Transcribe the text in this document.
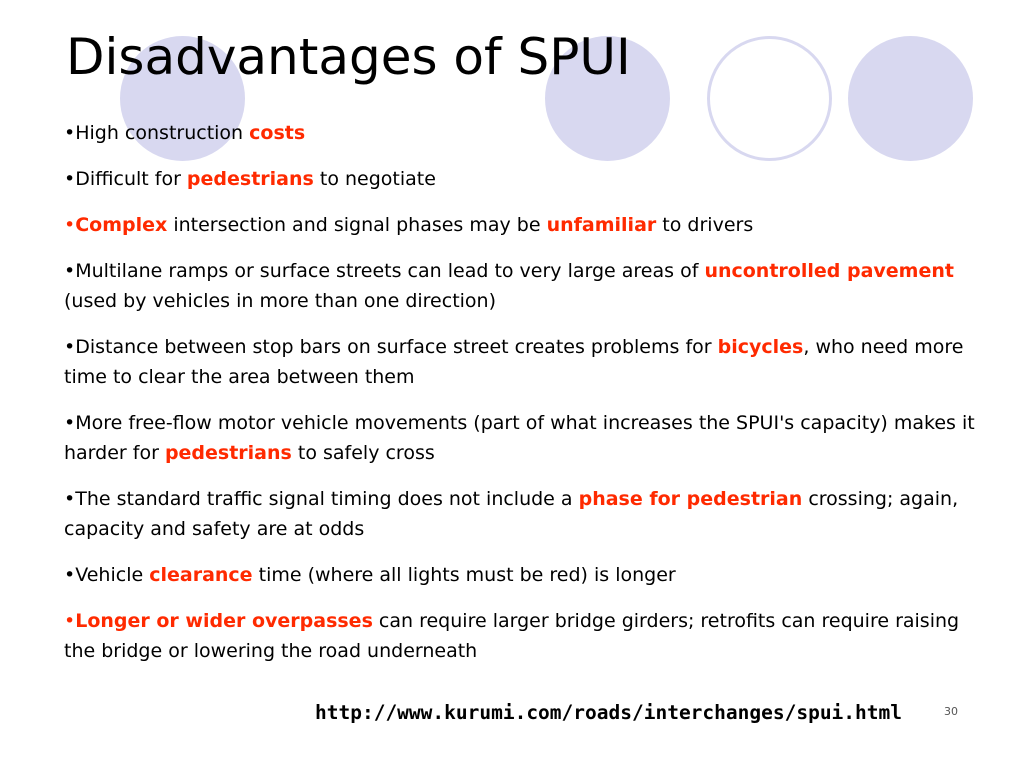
Disadvantages of SPUI
•High construction costs
•Difficult for pedestrians to negotiate
•Complex intersection and signal phases may be unfamiliar to drivers
•Multilane ramps or surface streets can lead to very large areas of uncontrolled pavement (used by vehicles in more than one direction)
•Distance between stop bars on surface street creates problems for bicycles, who need more time to clear the area between them
•More free-flow motor vehicle movements (part of what increases the SPUI's capacity) makes it harder for pedestrians to safely cross
•The standard traffic signal timing does not include a phase for pedestrian crossing; again, capacity and safety are at odds
•Vehicle clearance time (where all lights must be red) is longer
•Longer or wider overpasses can require larger bridge girders; retrofits can require raising the bridge or lowering the road underneath
http://www.kurumi.com/roads/interchanges/spui.html	30
